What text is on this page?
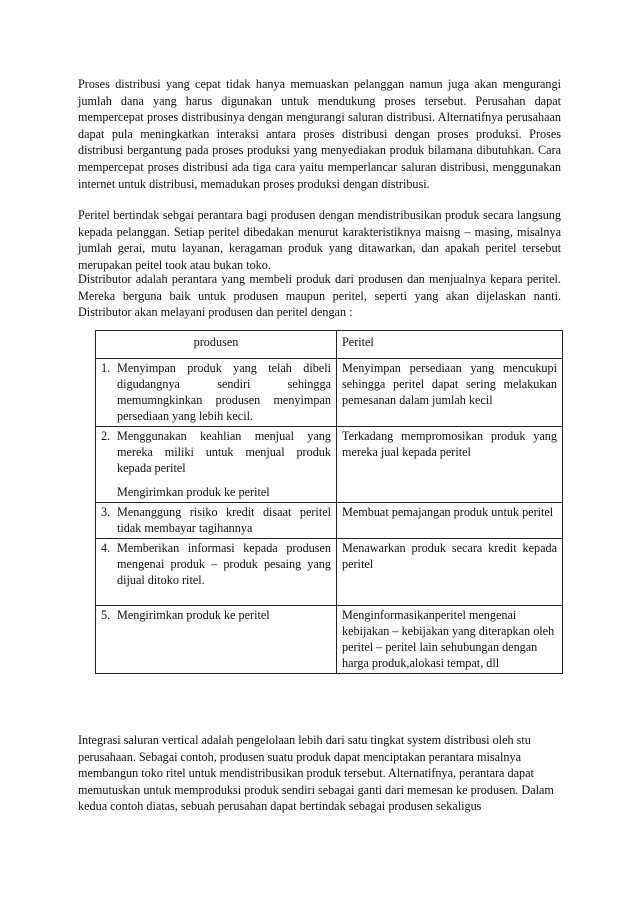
Proses distribusi yang cepat tidak hanya memuaskan pelanggan namun juga akan mengurangi jumlah dana yang harus digunakan untuk mendukung proses tersebut. Perusahan dapat mempercepat proses distribusinya dengan mengurangi saluran distribusi. Alternatifnya perusahaan dapat pula meningkatkan interaksi antara proses distribusi dengan proses produksi. Proses distribusi bergantung pada proses produksi yang menyediakan produk bilamana dibutuhkan. Cara mempercepat proses distribusi ada tiga cara yaitu memperlancar saluran distribusi, menggunakan internet untuk distribusi, memadukan proses produksi dengan distribusi.

Peritel bertindak sebgai perantara bagi produsen dengan mendistribusikan produk secara langsung kepada pelanggan. Setiap peritel dibedakan menurut karakteristiknya maisng – masing, misalnya jumlah gerai, mutu layanan, keragaman produk yang ditawarkan, dan apakah peritel tersebut merupakan peitel took atau bukan toko.

Distributor adalah perantara yang membeli produk dari produsen dan menjualnya kepara peritel. Mereka berguna baik untuk produsen maupun peritel, seperti yang akan dijelaskan nanti. Distributor akan melayani produsen dan peritel dengan :

produsen	Peritel

1. Menyimpan produk yang telah dibeli digudangnya sendiri sehingga memumngkinkan produsen menyimpan persediaan yang lebih kecil.	Menyimpan persediaan yang mencukupi sehingga peritel dapat sering melakukan pemesanan dalam jumlah kecil

2. Menggunakan keahlian menjual yang mereka miliki untuk menjual produk kepada peritel
Mengirimkan produk ke peritel	Terkadang mempromosikan produk yang mereka jual kepada peritel

3. Menanggung risiko kredit disaat peritel tidak membayar tagihannya	Membuat pemajangan produk untuk peritel

4. Memberikan informasi kepada produsen mengenai produk – produk pesaing yang dijual ditoko ritel.	Menawarkan produk secara kredit kepada peritel

5. Mengirimkan produk ke peritel	Menginformasikanperitel mengenai kebijakan – kebijakan yang diterapkan oleh peritel – peritel lain sehubungan dengan harga produk,alokasi tempat, dll

Integrasi saluran vertical adalah pengelolaan lebih dari satu tingkat system distribusi oleh stu perusahaan. Sebagai contoh, produsen suatu produk dapat menciptakan perantara misalnya membangun toko ritel untuk mendistribusikan produk tersebut. Alternatifnya, perantara dapat memutuskan untuk memproduksi produk sendiri sebagai ganti dari memesan ke produsen. Dalam kedua contoh diatas, sebuah perusahan dapat bertindak sebagai produsen sekaligus
